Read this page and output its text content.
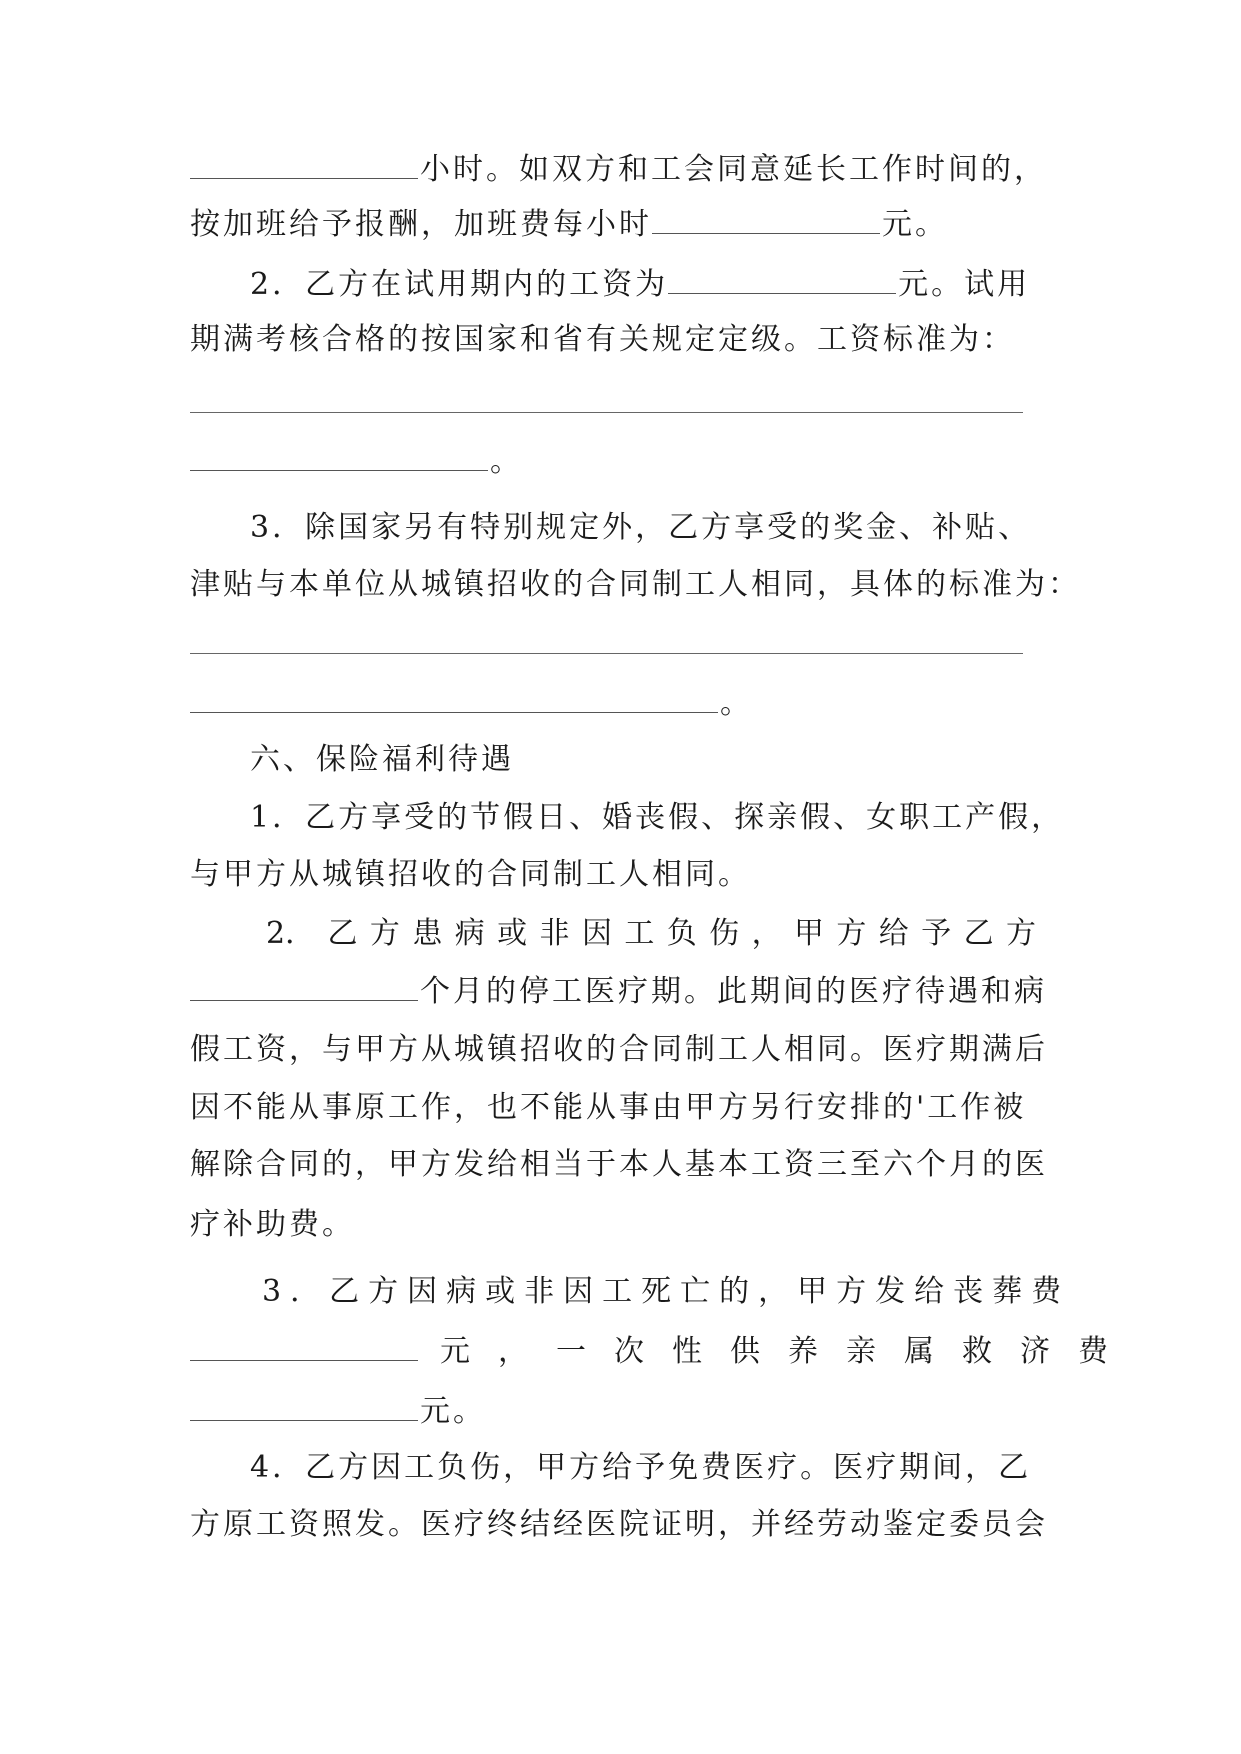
小时。如双方和工会同意延长工作时间的，
按加班给予报酬，加班费每小时	元。
2．乙方在试用期内的工资为	元。试用
期满考核合格的按国家和省有关规定定级。工资标准为：
。
3．除国家另有特别规定外，乙方享受的奖金、补贴、
津贴与本单位从城镇招收的合同制工人相同，具体的标准为：
。
六、保险福利待遇
1．乙方享受的节假日、婚丧假、探亲假、女职工产假，
与甲方从城镇招收的合同制工人相同。
2． 乙 方 患 病 或 非 因 工 负 伤 ， 甲 方 给 予 乙 方
个月的停工医疗期。此期间的医疗待遇和病
假工资，与甲方从城镇招收的合同制工人相同。医疗期满后
因不能从事原工作，也不能从事由甲方另行安排的'工作被
解除合同的，甲方发给相当于本人基本工资三至六个月的医
疗补助费。
3．乙方因病或非因工死亡的，甲方发给丧葬费
元，一次性供养亲属救济费
元。
4．乙方因工负伤，甲方给予免费医疗。医疗期间，乙
方原工资照发。医疗终结经医院证明，并经劳动鉴定委员会
